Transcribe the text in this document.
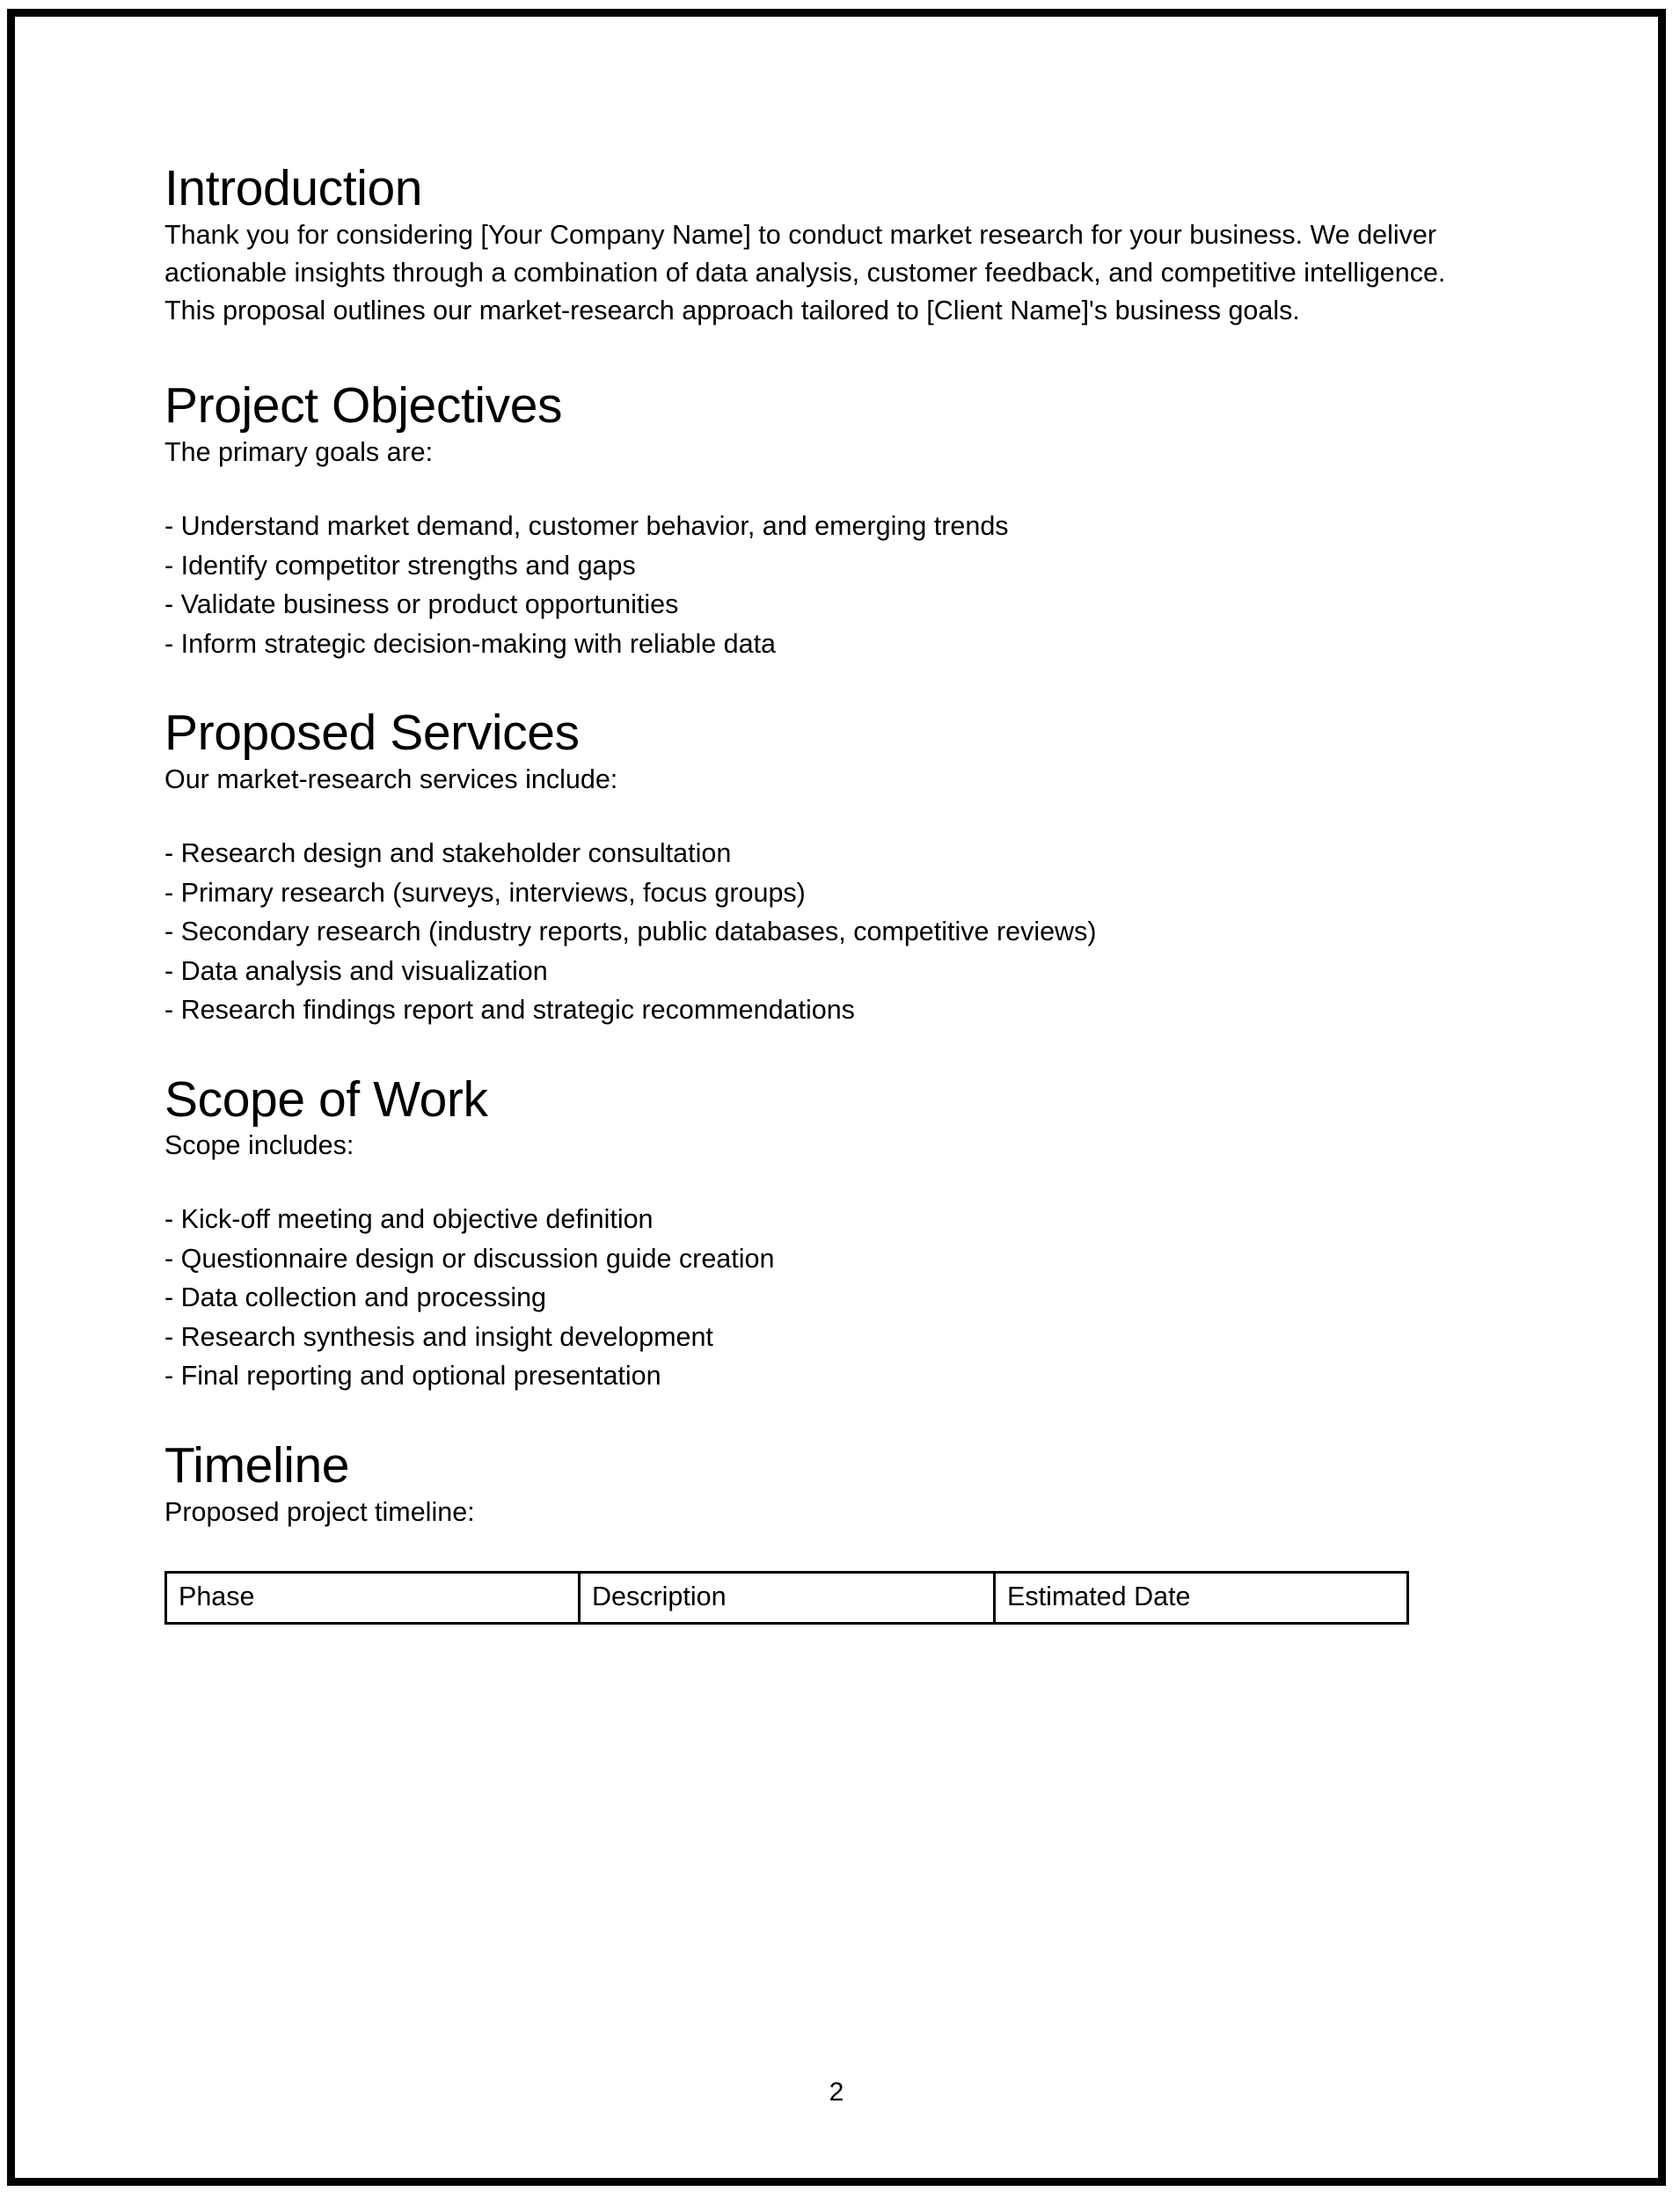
Introduction

Thank you for considering [Your Company Name] to conduct market research for your business. We deliver actionable insights through a combination of data analysis, customer feedback, and competitive intelligence.

This proposal outlines our market-research approach tailored to [Client Name]'s business goals.

Project Objectives

The primary goals are:

- Understand market demand, customer behavior, and emerging trends
- Identify competitor strengths and gaps
- Validate business or product opportunities
- Inform strategic decision-making with reliable data
Proposed Services

Our market-research services include:

- Research design and stakeholder consultation
- Primary research (surveys, interviews, focus groups)
- Secondary research (industry reports, public databases, competitive reviews)
- Data analysis and visualization
- Research findings report and strategic recommendations
Scope of Work

Scope includes:

- Kick-off meeting and objective definition
- Questionnaire design or discussion guide creation
- Data collection and processing
- Research synthesis and insight development
- Final reporting and optional presentation
Timeline

Proposed project timeline:

Phase	Description	Estimated Date
2
